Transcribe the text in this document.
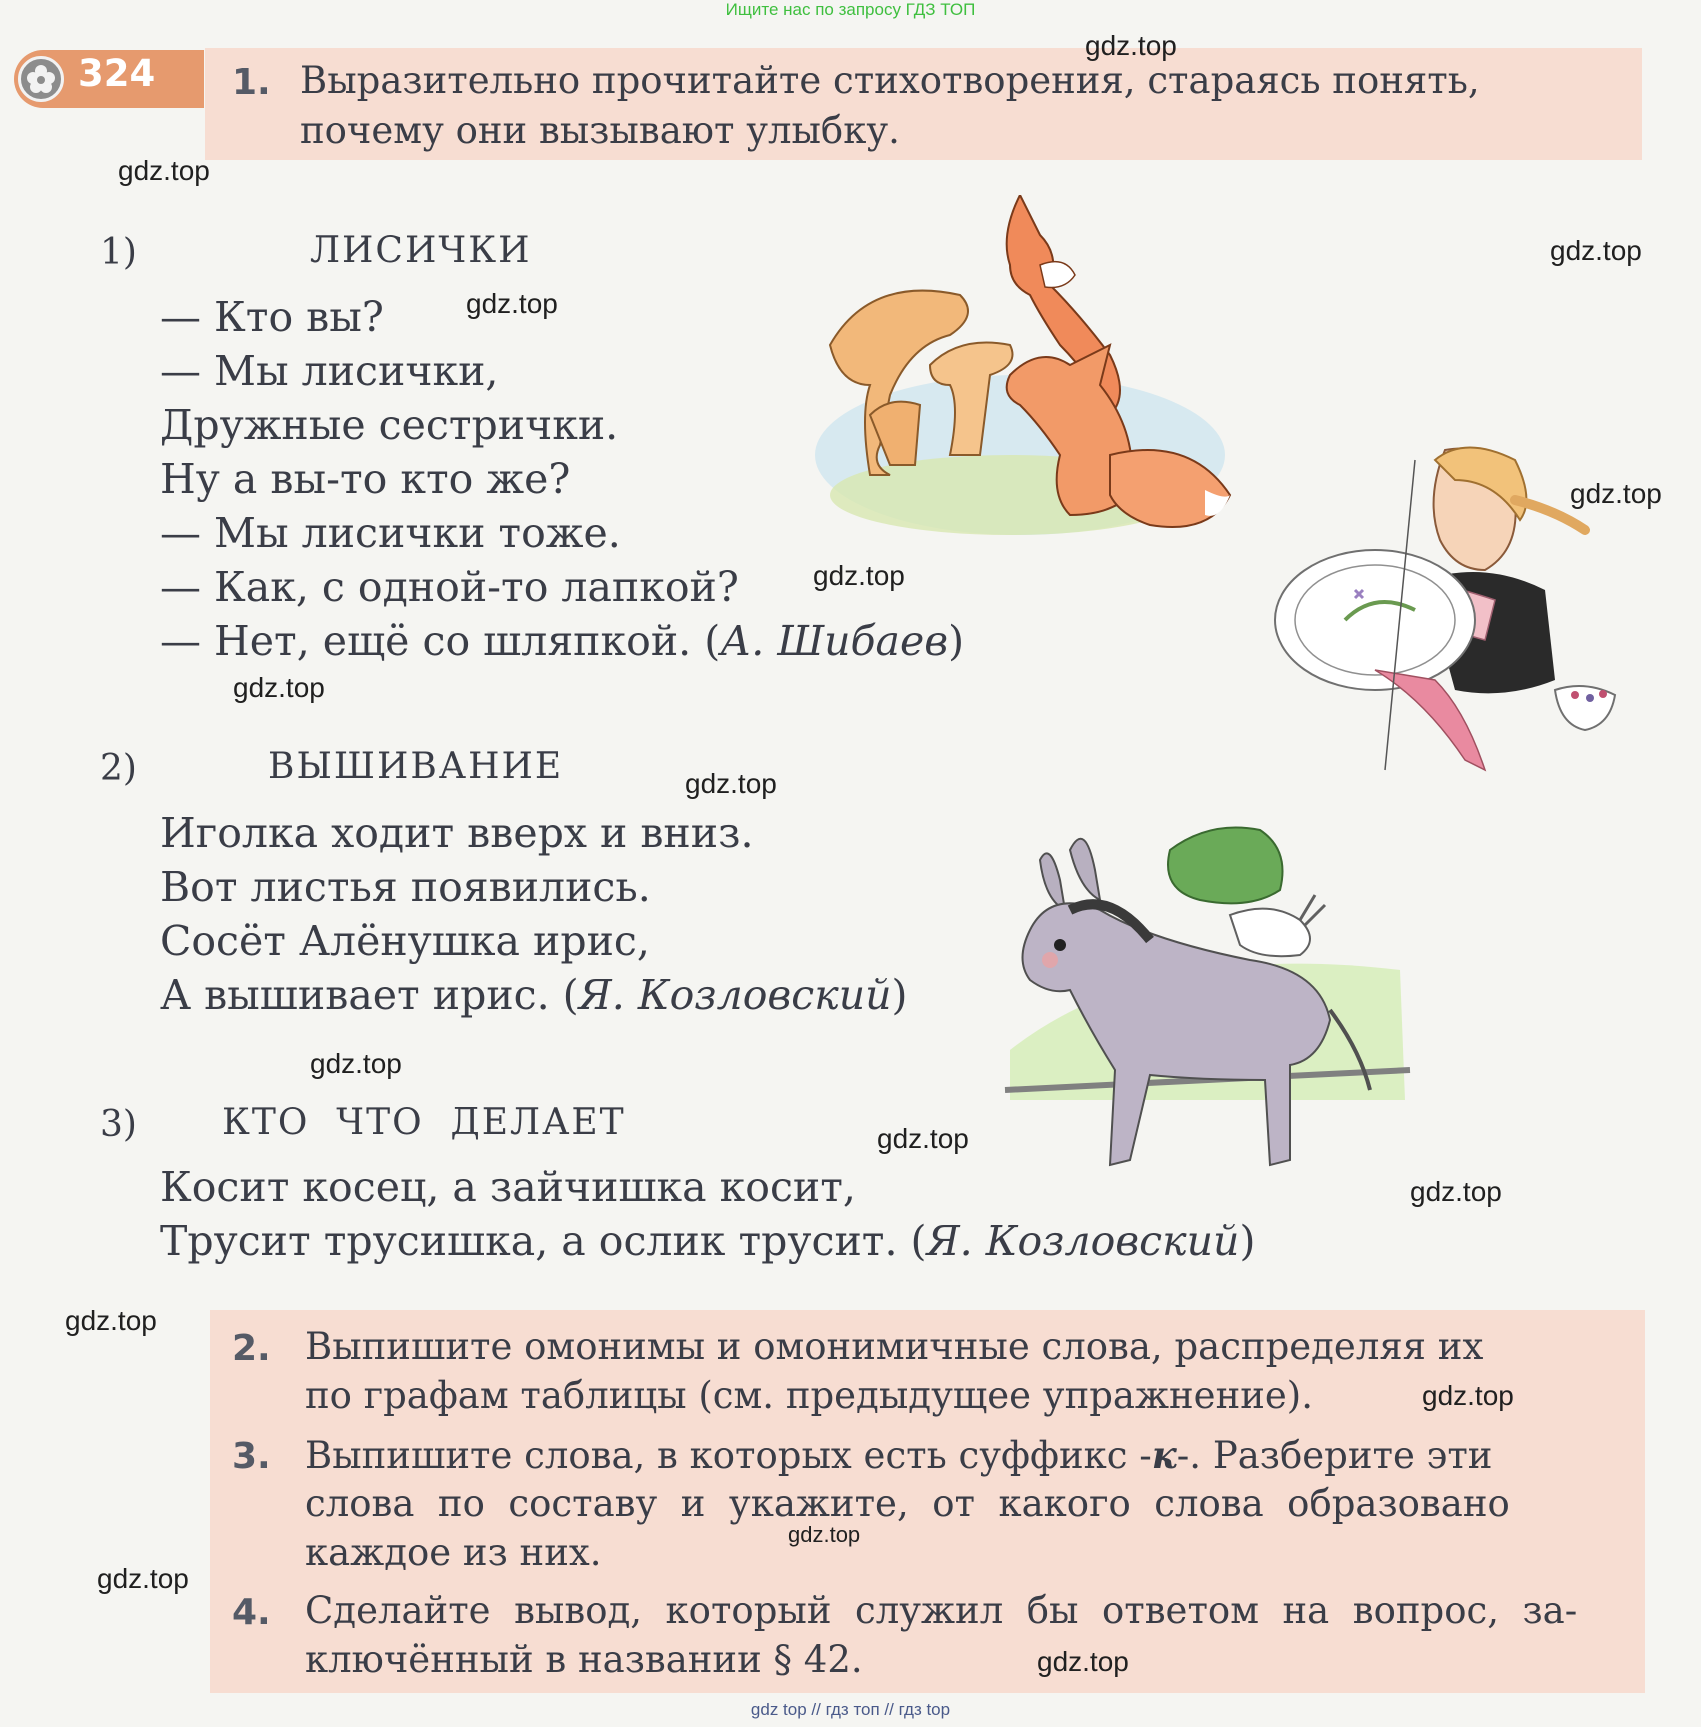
Ищите нас по запросу ГДЗ ТОП
324 1. Выразительно прочитайте стихотворения, стараясь понять,
почему они вызывают улыбку.
1)	ЛИСИЧКИ
— Кто вы?
— Мы лисички,
Дружные сестрички.
Ну а вы-то кто же?
— Мы лисички тоже.
— Как, с одной-то лапкой?
— Нет, ещё со шляпкой. (А. Шибаев)
2)	ВЫШИВАНИЕ
Иголка ходит вверх и вниз.
Вот листья появились.
Сосёт Алёнушка ирис,
А вышивает ирис. (Я. Козловский)
3) КТО  ЧТО  ДЕЛАЕТ
Косит косец, а зайчишка косит,
Трусит трусишка, а ослик трусит. (Я. Козловский)
2. Выпишите омонимы и омонимичные слова, распределяя их
по графам таблицы (см. предыдущее упражнение).
3. Выпишите слова, в которых есть суффикс -к-. Разберите эти
слова  по  составу  и  укажите,  от  какого  слова  образовано
каждое из них.
4. Сделайте  вывод,  который  служил  бы  ответом  на  вопрос,  за-
ключённый в названии § 42.
gdz.top
gdz.top
gdz.top
gdz.top
gdz.top
gdz.top
gdz.top
gdz.top
gdz.top
gdz.top
gdz.top
gdz.top
gdz.top
gdz.top
gdz.top
gdz.top
gdz top // гдз топ // гдз top
